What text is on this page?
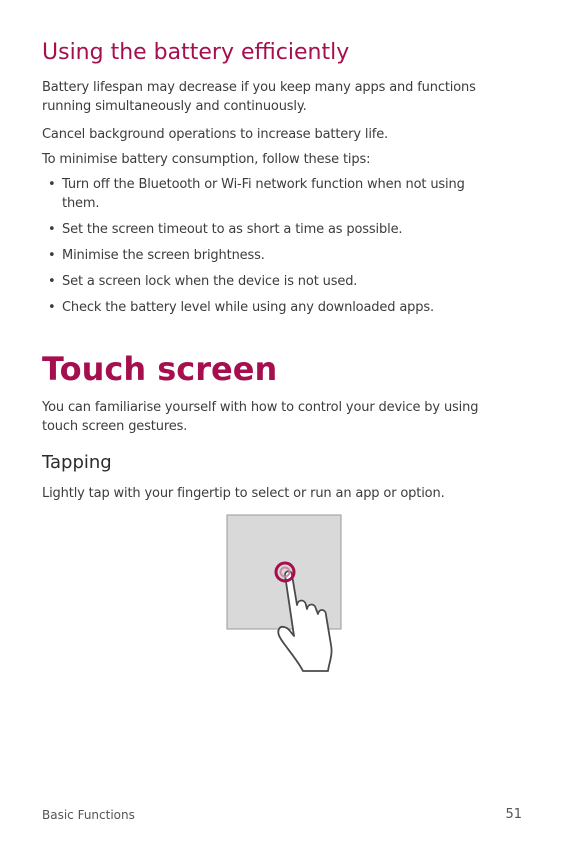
Using the battery efficiently

Battery lifespan may decrease if you keep many apps and functions running simultaneously and continuously.

Cancel background operations to increase battery life.

To minimise battery consumption, follow these tips:

• Turn off the Bluetooth or Wi-Fi network function when not using them.
• Set the screen timeout to as short a time as possible.
• Minimise the screen brightness.
• Set a screen lock when the device is not used.
• Check the battery level while using any downloaded apps.
Touch screen

You can familiarise yourself with how to control your device by using touch screen gestures.

Tapping

Lightly tap with your fingertip to select or run an app or option.

Basic Functions	51
